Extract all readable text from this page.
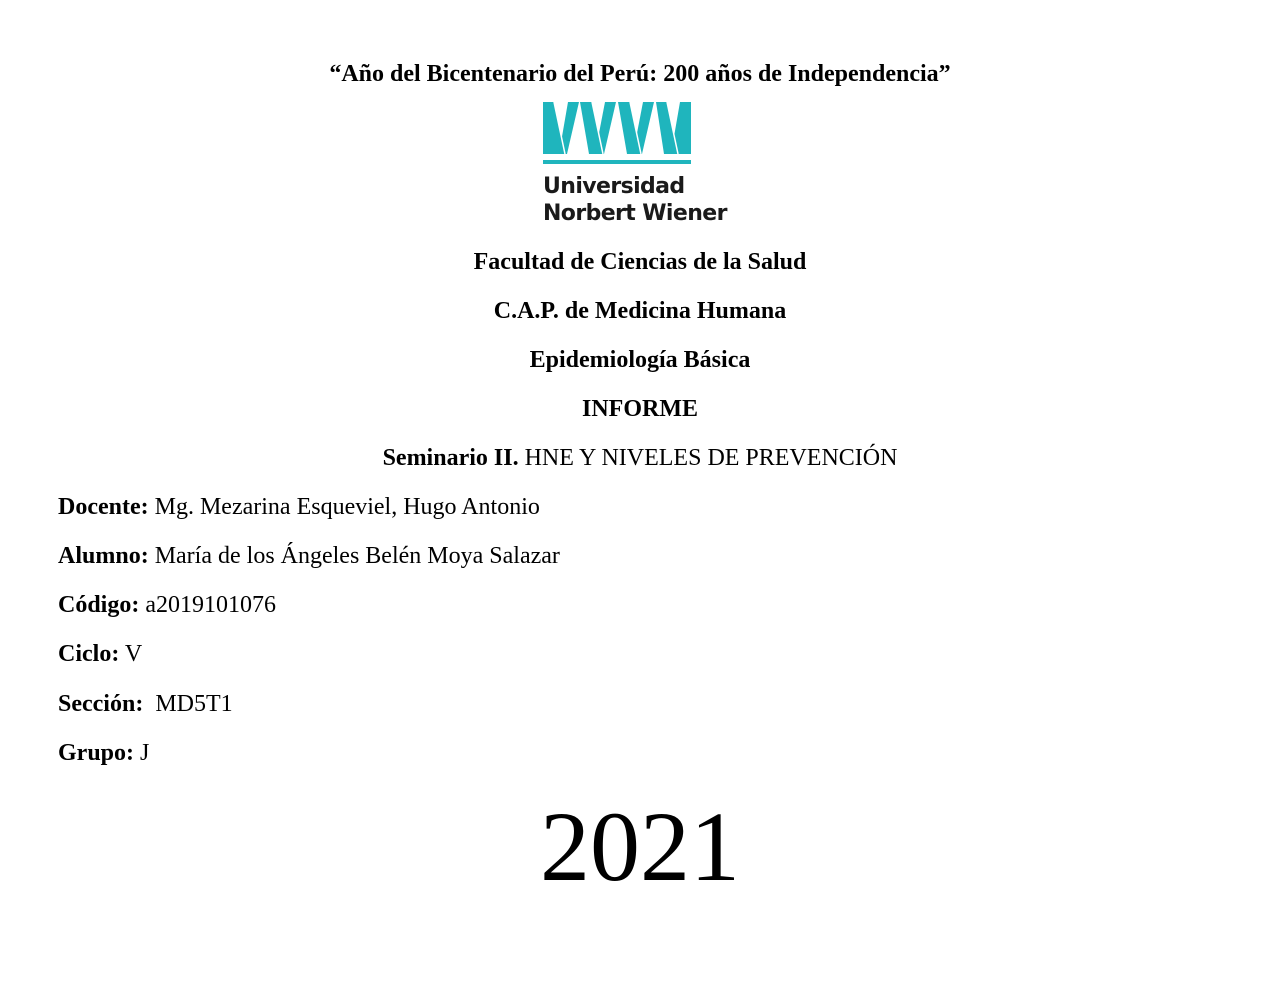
“Año del Bicentenario del Perú: 200 años de Independencia”
Universidad
Norbert Wiener
Facultad de Ciencias de la Salud
C.A.P. de Medicina Humana
Epidemiología Básica
INFORME
Seminario II. HNE Y NIVELES DE PREVENCIÓN
Docente: Mg. Mezarina Esqueviel, Hugo Antonio
Alumno: María de los Ángeles Belén Moya Salazar
Código: a2019101076
Ciclo: V
Sección: MD5T1
Grupo: J
2021
